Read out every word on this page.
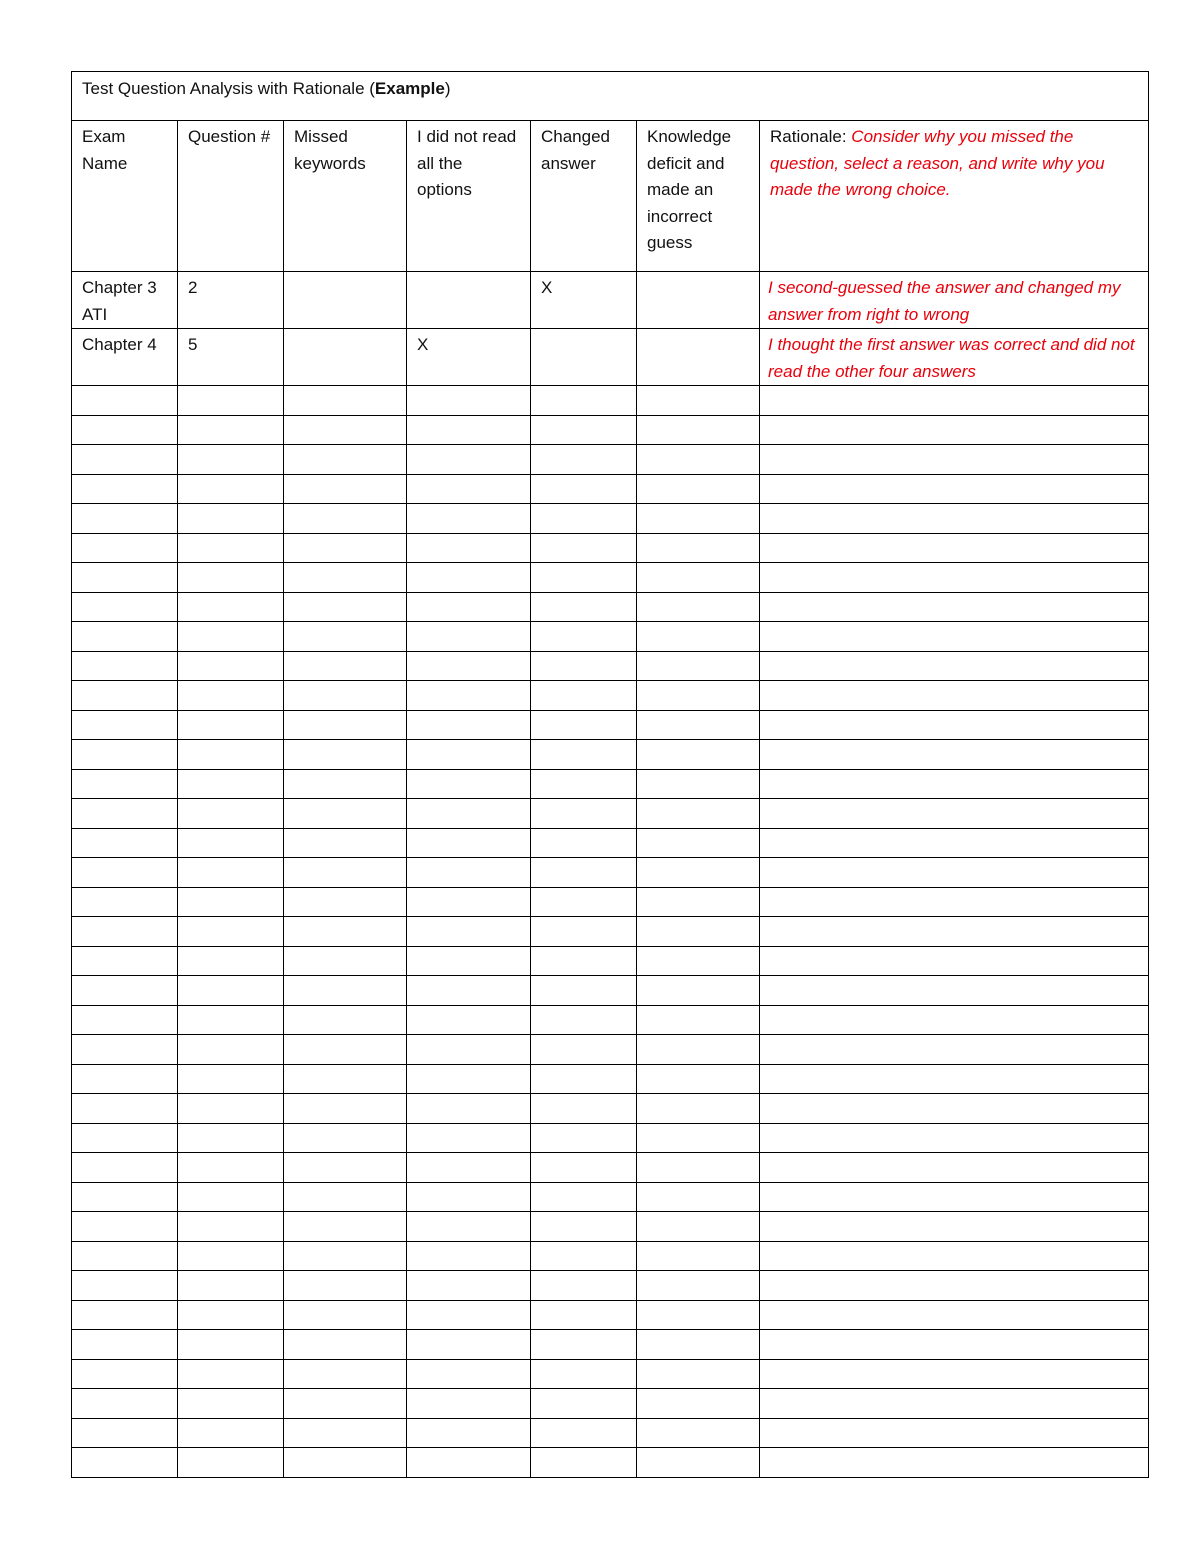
Test Question Analysis with Rationale (Example)						
Exam Name	Question #	Missed keywords	I did not read all the options	Changed answer	Knowledge deficit and made an incorrect guess	Rationale: Consider why you missed the question, select a reason, and write why you made the wrong choice.
Chapter 3 ATI	2			X		I second-guessed the answer and changed my answer from right to wrong
Chapter 4	5		X			I thought the first answer was correct and did not read the other four answers
